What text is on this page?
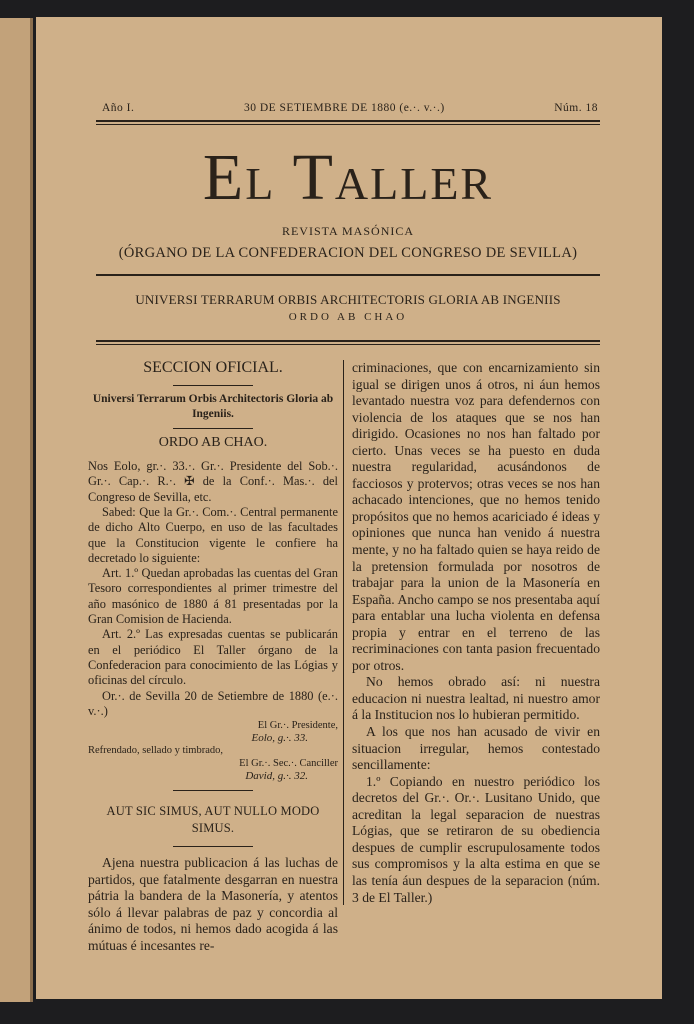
Año I.	30 DE SETIEMBRE DE 1880 (e.·. v.·.)	Núm. 18
El Taller
REVISTA MASÓNICA
(ÓRGANO DE LA CONFEDERACION DEL CONGRESO DE SEVILLA)
UNIVERSI TERRARUM ORBIS ARCHITECTORIS GLORIA AB INGENIIS
ORDO AB CHAO
SECCION OFICIAL.
Universi Terrarum Orbis Architectoris Gloria ab Ingeniis.
ORDO AB CHAO.

Nos Eolo, gr.·. 33.·. Gr.·. Presidente del Sob.·. Gr.·. Cap.·. R.·. ✠ de la Conf.·. Mas.·. del Congreso de Sevilla, etc.

Sabed: Que la Gr.·. Com.·. Central permanente de dicho Alto Cuerpo, en uso de las facultades que la Constitucion vigente le confiere ha decretado lo siguiente:

Art. 1.º Quedan aprobadas las cuentas del Gran Tesoro correspondientes al primer trimestre del año masónico de 1880 á 81 presentadas por la Gran Comision de Hacienda.

Art. 2.º Las expresadas cuentas se publicarán en el periódico El Taller órgano de la Confederacion para conocimiento de las Lógias y oficinas del círculo.

Or.·. de Sevilla 20 de Setiembre de 1880 (e.·. v.·.)

El Gr.·. Presidente,

Eolo, g.·. 33.

Refrendado, sellado y timbrado,

El Gr.·. Sec.·. Canciller

David, g.·. 32.

AUT SIC SIMUS, AUT NULLO MODO SIMUS.

Ajena nuestra publicacion á las luchas de partidos, que fatalmente desgarran en nuestra pátria la bandera de la Masonería, y atentos sólo á llevar palabras de paz y concordia al ánimo de todos, ni hemos dado acogida á las mútuas é incesantes re-

criminaciones, que con encarnizamiento sin igual se dirigen unos á otros, ni áun hemos levantado nuestra voz para defendernos con violencia de los ataques que se nos han dirigido. Ocasiones no nos han faltado por cierto. Unas veces se ha puesto en duda nuestra regularidad, acusándonos de facciosos y protervos; otras veces se nos han achacado intenciones, que no hemos tenido propósitos que no hemos acariciado é ideas y opiniones que nunca han venido á nuestra mente, y no ha faltado quien se haya reido de la pretension formulada por nosotros de trabajar para la union de la Masonería en España. Ancho campo se nos presentaba aquí para entablar una lucha violenta en defensa propia y entrar en el terreno de las recriminaciones con tanta pasion frecuentado por otros.

No hemos obrado así: ni nuestra educacion ni nuestra lealtad, ni nuestro amor á la Institucion nos lo hubieran permitido.

A los que nos han acusado de vivir en situacion irregular, hemos contestado sencillamente:

1.º Copiando en nuestro periódico los decretos del Gr.·. Or.·. Lusitano Unido, que acreditan la legal separacion de nuestras Lógias, que se retiraron de su obediencia despues de cumplir escrupulosamente todos sus compromisos y la alta estima en que se las tenía áun despues de la separacion (núm. 3 de El Taller.)
